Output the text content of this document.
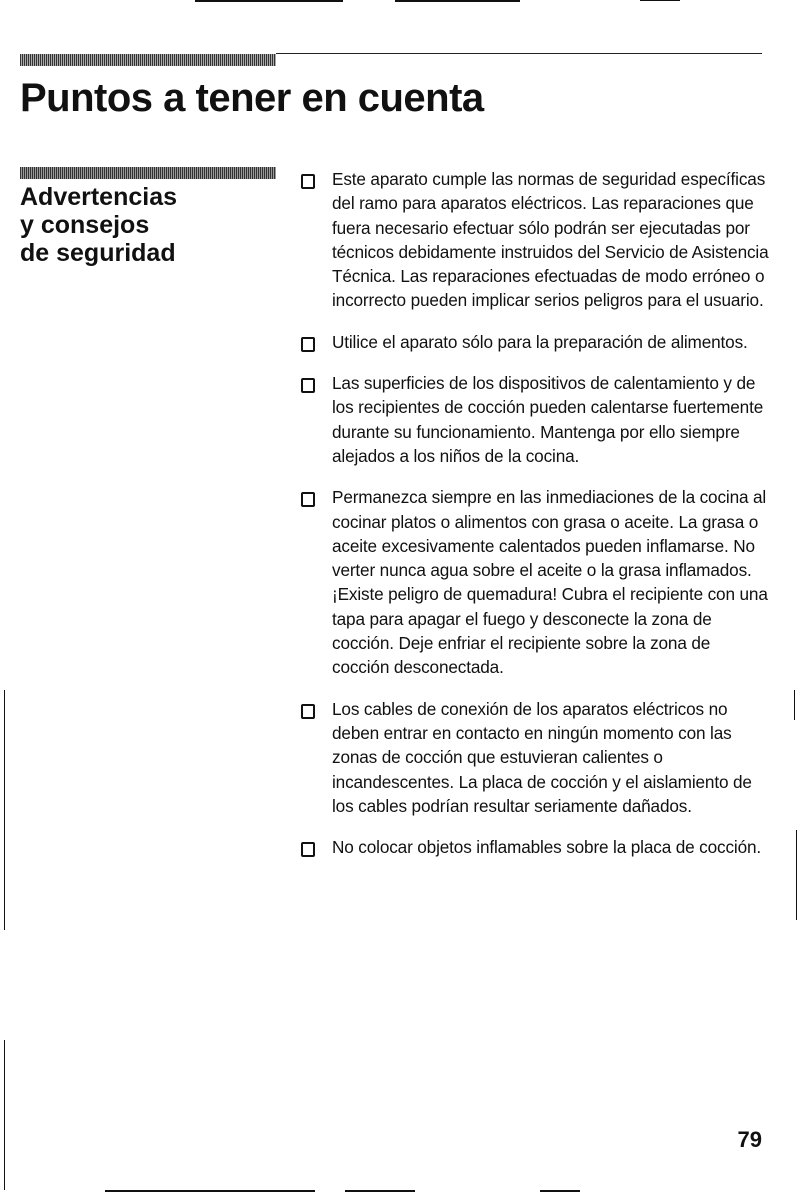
Puntos a tener en cuenta
Advertencias
y consejos
de seguridad
Este aparato cumple las normas de seguridad específicas del ramo para aparatos eléctricos. Las reparaciones que fuera necesario efectuar sólo podrán ser ejecutadas por técnicos debidamente instruidos del Servicio de Asistencia Técnica. Las reparaciones efectuadas de modo erróneo o incorrecto pueden implicar serios peligros para el usuario.
Utilice el aparato sólo para la preparación de alimentos.
Las superficies de los dispositivos de calentamiento y de los recipientes de cocción pueden calentarse fuertemente durante su funcionamiento. Mantenga por ello siempre alejados a los niños de la cocina.
Permanezca siempre en las inmediaciones de la cocina al cocinar platos o alimentos con grasa o aceite. La grasa o aceite excesivamente calentados pueden inflamarse. No verter nunca agua sobre el aceite o la grasa inflamados. ¡Existe peligro de quemadura! Cubra el recipiente con una tapa para apagar el fuego y desconecte la zona de cocción. Deje enfriar el recipiente sobre la zona de cocción desconectada.
Los cables de conexión de los aparatos eléctricos no deben entrar en contacto en ningún momento con las zonas de cocción que estuvieran calientes o incandescentes. La placa de cocción y el aislamiento de los cables podrían resultar seriamente dañados.
No colocar objetos inflamables sobre la placa de cocción.
79
